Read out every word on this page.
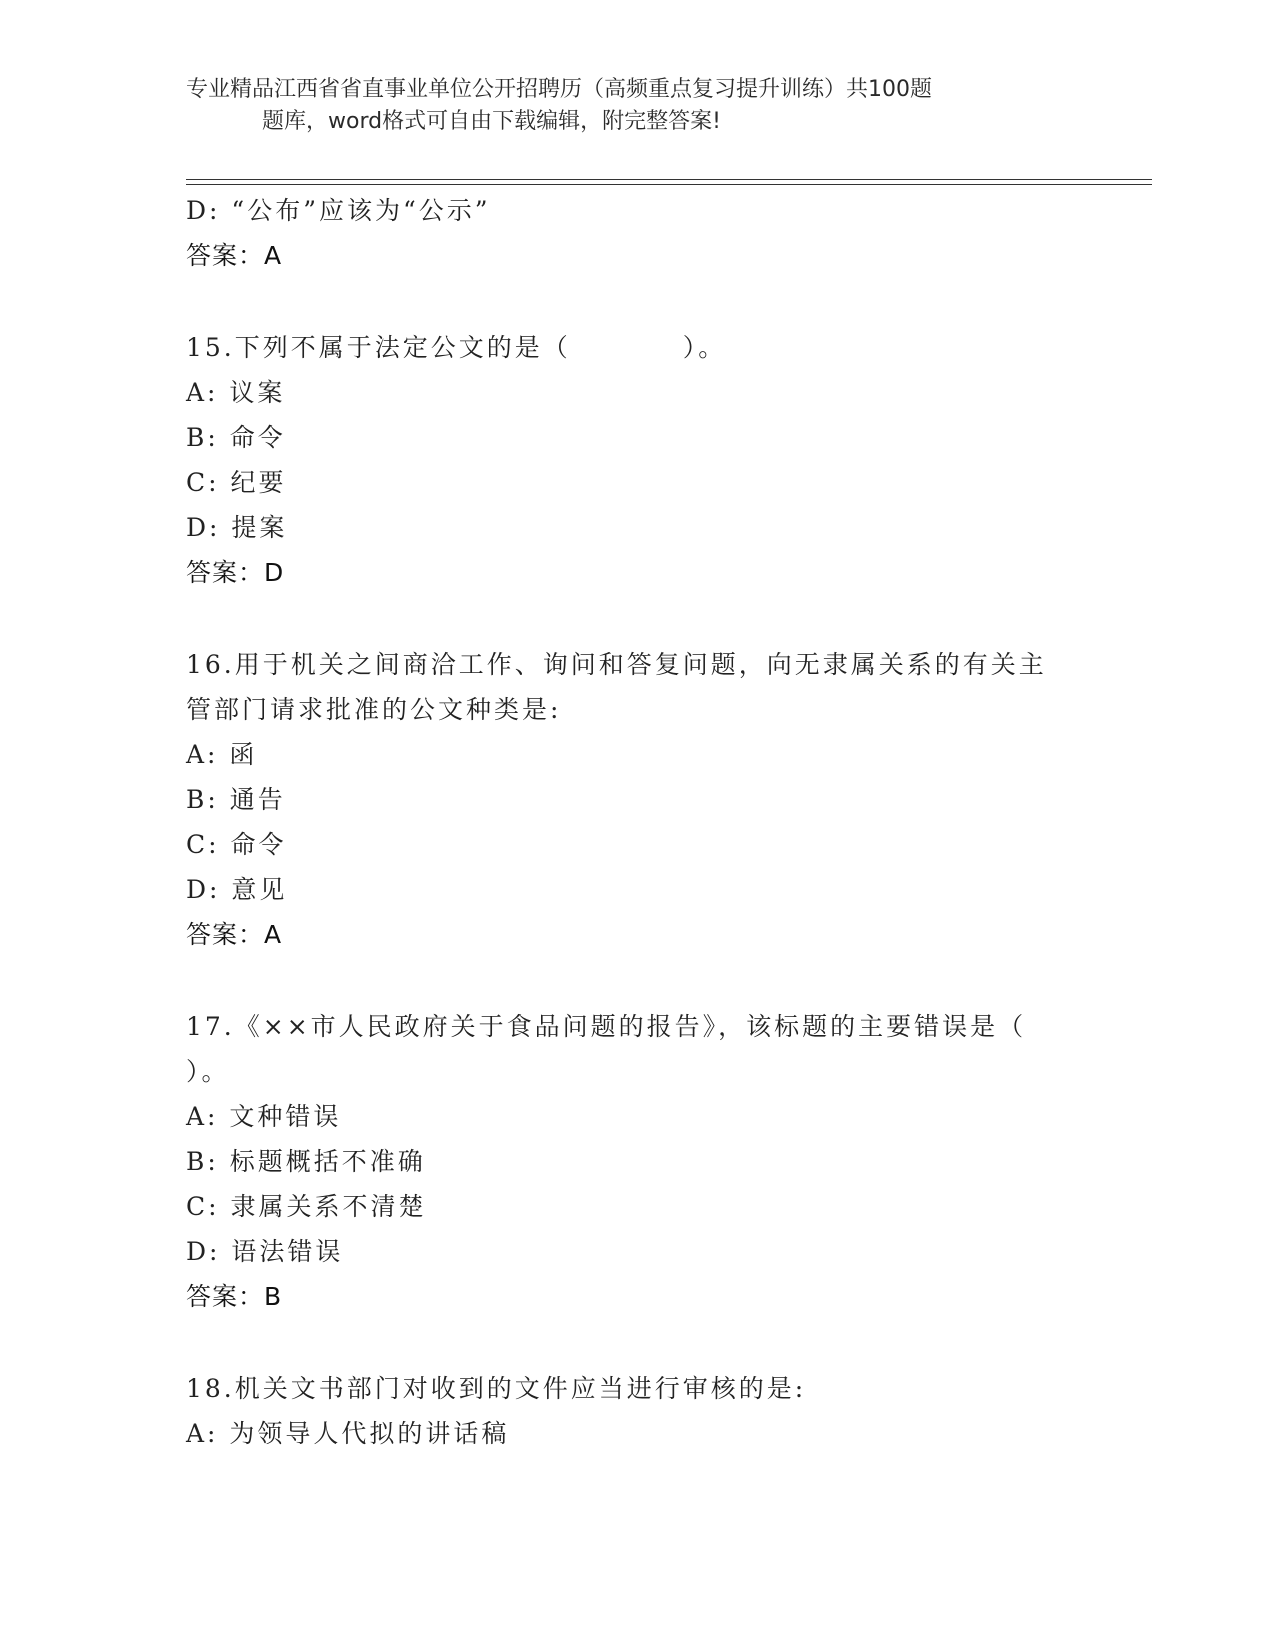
专业精品江西省省直事业单位公开招聘历（高频重点复习提升训练）共100题
题库，word格式可自由下载编辑，附完整答案!
D: “公布”应该为“公示”
答案：A
15.下列不属于法定公文的是（　　　　）。
A: 议案
B: 命令
C: 纪要
D: 提案
答案：D
16.用于机关之间商洽工作、询问和答复问题，向无隶属关系的有关主
管部门请求批准的公文种类是:
A: 函
B: 通告
C: 命令
D: 意见
答案：A
17.《××市人民政府关于食品问题的报告》，该标题的主要错误是（
）。
A: 文种错误
B: 标题概括不准确
C: 隶属关系不清楚
D: 语法错误
答案：B
18.机关文书部门对收到的文件应当进行审核的是:
A: 为领导人代拟的讲话稿
